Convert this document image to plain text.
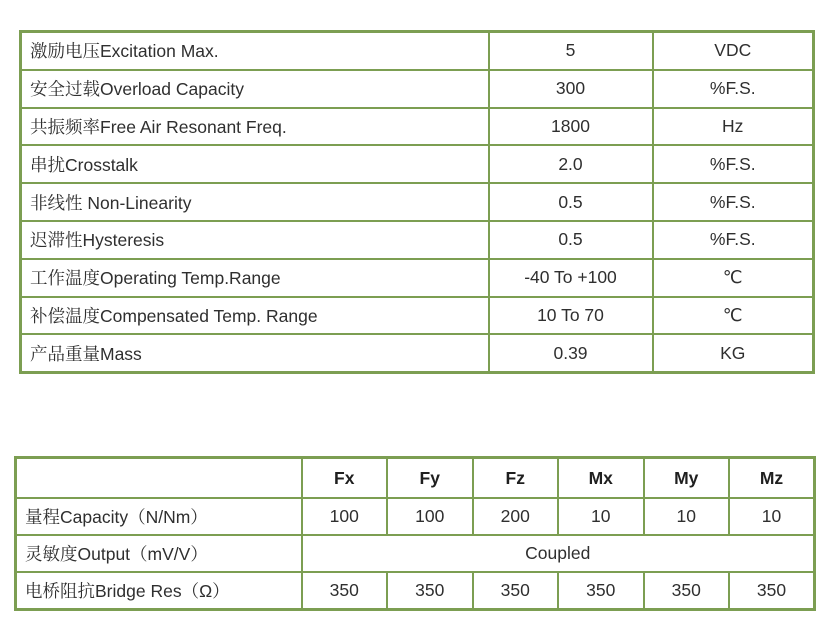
激励电压Excitation Max.	5	VDC
安全过载Overload Capacity	300	%F.S.
共振频率Free Air Resonant Freq.	1800	Hz
串扰Crosstalk	2.0	%F.S.
非线性 Non-Linearity	0.5	%F.S.
迟滞性Hysteresis	0.5	%F.S.
工作温度Operating Temp.Range	-40 To +100	℃
补偿温度Compensated Temp. Range	10 To 70	℃
产品重量Mass	0.39	KG
	Fx	Fy	Fz	Mx	My	Mz
量程Capacity（N/Nm）	100	100	200	10	10	10
灵敏度Output（mV/V）	Coupled					
电桥阻抗Bridge Res（Ω）	350	350	350	350	350	350
